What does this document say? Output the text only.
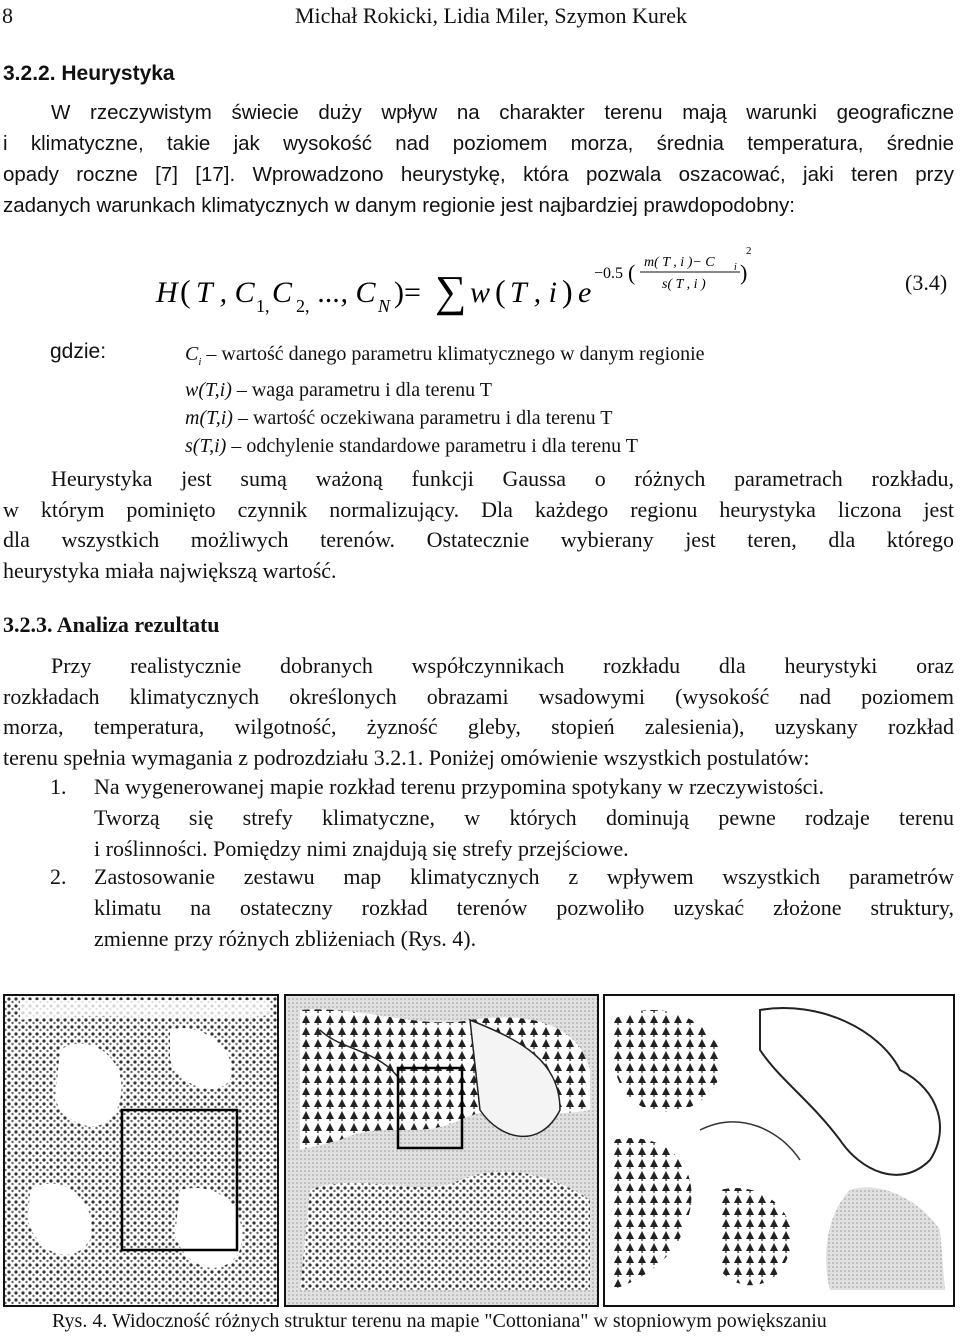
8	Michał Rokicki, Lidia Miler, Szymon Kurek
3.2.2. Heurystyka
W rzeczywistym świecie duży wpływ na charakter terenu mają warunki geograficzne
i klimatyczne, takie jak wysokość nad poziomem morza, średnia temperatura, średnie
opady roczne [7] [17]. Wprowadzono heurystykę, która pozwala oszacować, jaki teren przy
zadanych warunkach klimatycznych w danym regionie jest najbardziej prawdopodobny:
H ( T , C 1, C 2, ..., C N )= ∑ w ( T , i ) e
−0.5 ( m( T , i )− C i
s( T , i ) )
2
(3.4)
gdzie:	$C_i$ – wartość danego parametru klimatycznego w danym regionie
w(T,i) – waga parametru i dla terenu T
m(T,i) – wartość oczekiwana parametru i dla terenu T
s(T,i) – odchylenie standardowe parametru i dla terenu T
Heurystyka jest sumą ważoną funkcji Gaussa o różnych parametrach rozkładu,
w którym pominięto czynnik normalizujący. Dla każdego regionu heurystyka liczona jest
dla wszystkich możliwych terenów. Ostatecznie wybierany jest teren, dla którego
heurystyka miała największą wartość.
3.2.3. Analiza rezultatu
Przy realistycznie dobranych współczynnikach rozkładu dla heurystyki oraz
rozkładach klimatycznych określonych obrazami wsadowymi (wysokość nad poziomem
morza, temperatura, wilgotność, żyzność gleby, stopień zalesienia), uzyskany rozkład
terenu spełnia wymagania z podrozdziału 3.2.1. Poniżej omówienie wszystkich postulatów:
1. Na wygenerowanej mapie rozkład terenu przypomina spotykany w rzeczywistości.
Tworzą się strefy klimatyczne, w których dominują pewne rodzaje terenu
i roślinności. Pomiędzy nimi znajdują się strefy przejściowe.
2. Zastosowanie zestawu map klimatycznych z wpływem wszystkich parametrów
klimatu na ostateczny rozkład terenów pozwoliło uzyskać złożone struktury,
zmienne przy różnych zbliżeniach (Rys. 4).
Rys. 4. Widoczność różnych struktur terenu na mapie "Cottoniana" w stopniowym powiększaniu
